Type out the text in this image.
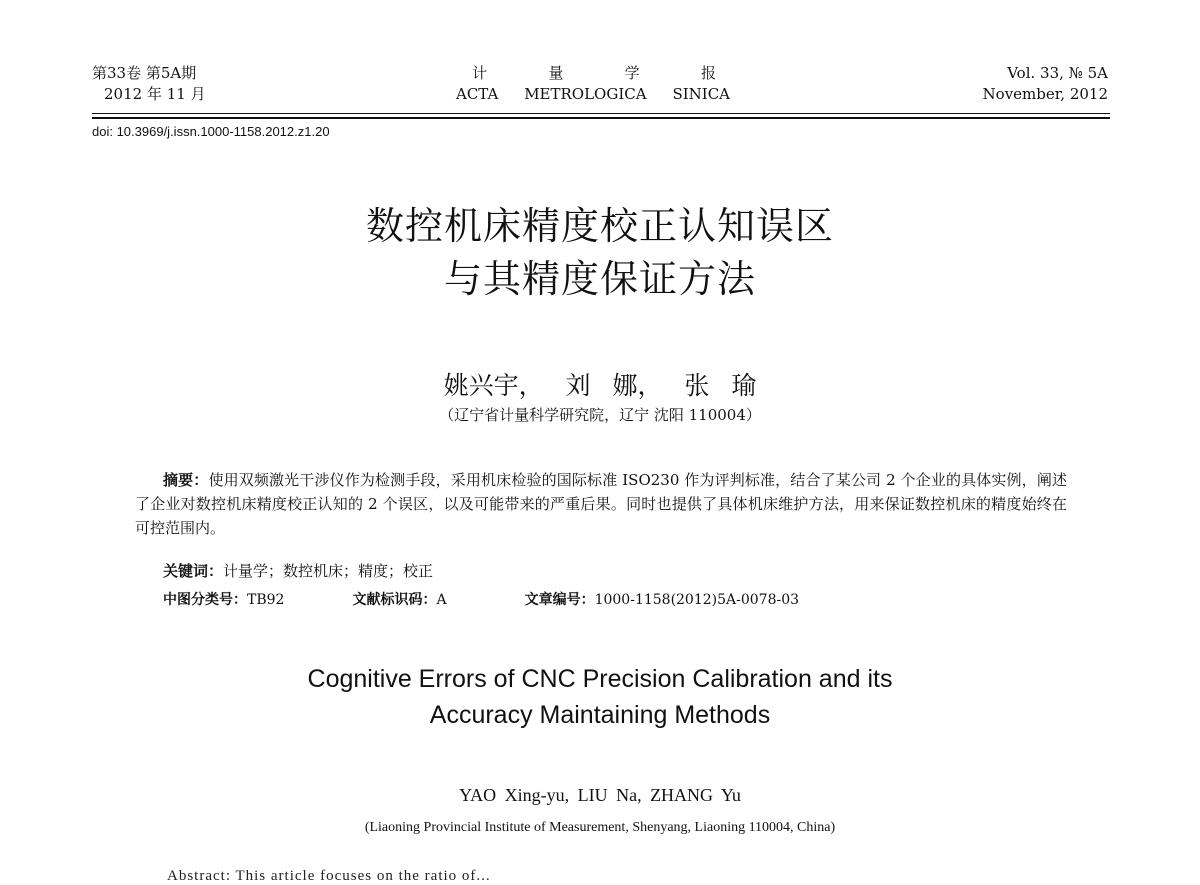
第33卷 第5A期
2012 年 11 月
计	量	学	报
ACTA METROLOGICA SINICA
Vol. 33, № 5A
November, 2012
doi: 10.3969/j.issn.1000-1158.2012.z1.20
数控机床精度校正认知误区
与其精度保证方法
姚兴宇， 刘 娜， 张 瑜
（辽宁省计量科学研究院，辽宁 沈阳 110004）
摘要：使用双频激光干涉仪作为检测手段，采用机床检验的国际标准 ISO230 作为评判标准，结合了某公司 2 个企业的具体实例，阐述了企业对数控机床精度校正认知的 2 个误区，以及可能带来的严重后果。同时也提供了具体机床维护方法，用来保证数控机床的精度始终在可控范围内。
关键词：计量学；数控机床；精度；校正
中图分类号：TB92	文献标识码：A	文章编号：1000-1158(2012)5A-0078-03
Cognitive Errors of CNC Precision Calibration and its
Accuracy Maintaining Methods
YAO Xing-yu, LIU Na, ZHANG Yu
(Liaoning Provincial Institute of Measurement, Shenyang, Liaoning 110004, China)
Abstract: This article focuses on the ratio of...
